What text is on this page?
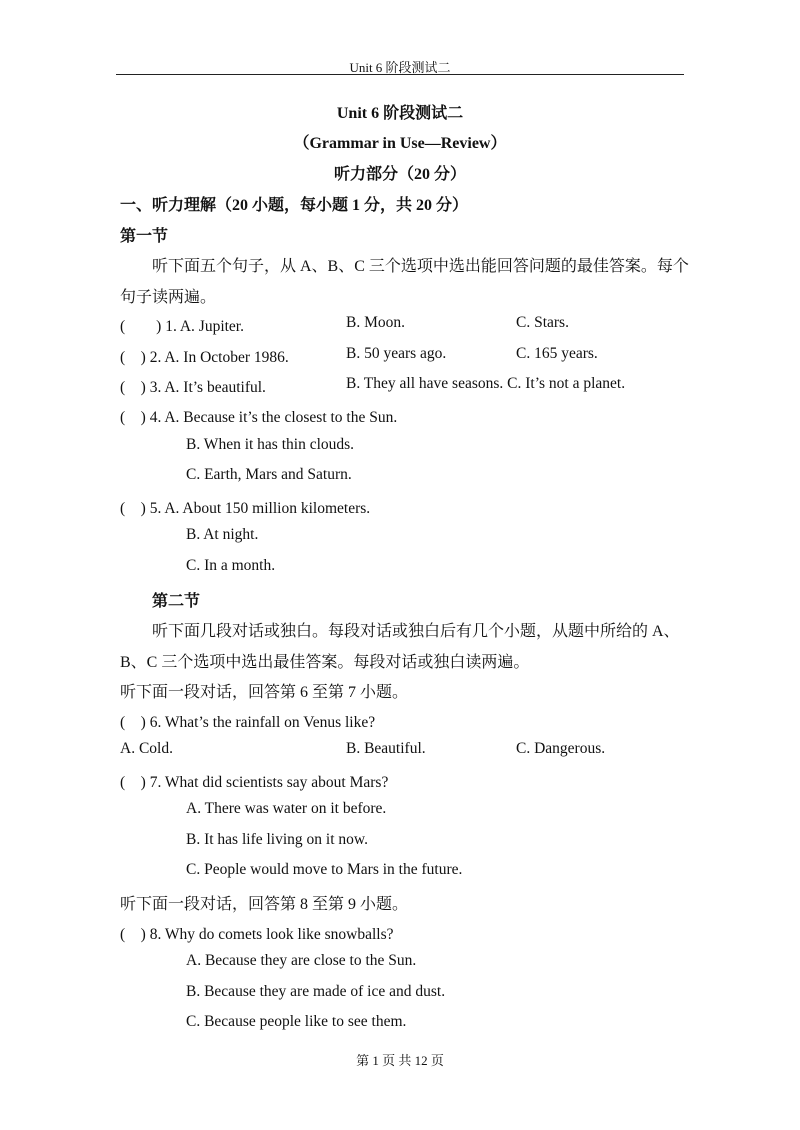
Unit 6 阶段测试二
Unit 6 阶段测试二
（Grammar in Use—Review）
听力部分（20 分）
一、听力理解（20 小题，每小题 1 分，共 20 分）
第一节
听下面五个句子，从 A、B、C 三个选项中选出能回答问题的最佳答案。每个
句子读两遍。
(　　) 1. A. Jupiter.	B. Moon.	C. Stars.
(　) 2. A. In October 1986.	B. 50 years ago.	C. 165 years.
(　) 3. A. It’s beautiful.	B. They all have seasons. C. It’s not a planet.
(　) 4. A. Because it’s the closest to the Sun.
B. When it has thin clouds.
C. Earth, Mars and Saturn.
(　) 5. A. About 150 million kilometers.
B. At night.
C. In a month.
第二节
听下面几段对话或独白。每段对话或独白后有几个小题，从题中所给的 A、
B、C 三个选项中选出最佳答案。每段对话或独白读两遍。
听下面一段对话，回答第 6 至第 7 小题。
(　) 6. What’s the rainfall on Venus like?
A. Cold.	B. Beautiful.	C. Dangerous.
(　) 7. What did scientists say about Mars?
A. There was water on it before.
B. It has life living on it now.
C. People would move to Mars in the future.
听下面一段对话，回答第 8 至第 9 小题。
(　) 8. Why do comets look like snowballs?
A. Because they are close to the Sun.
B. Because they are made of ice and dust.
C. Because people like to see them.
第 1 页 共 12 页
